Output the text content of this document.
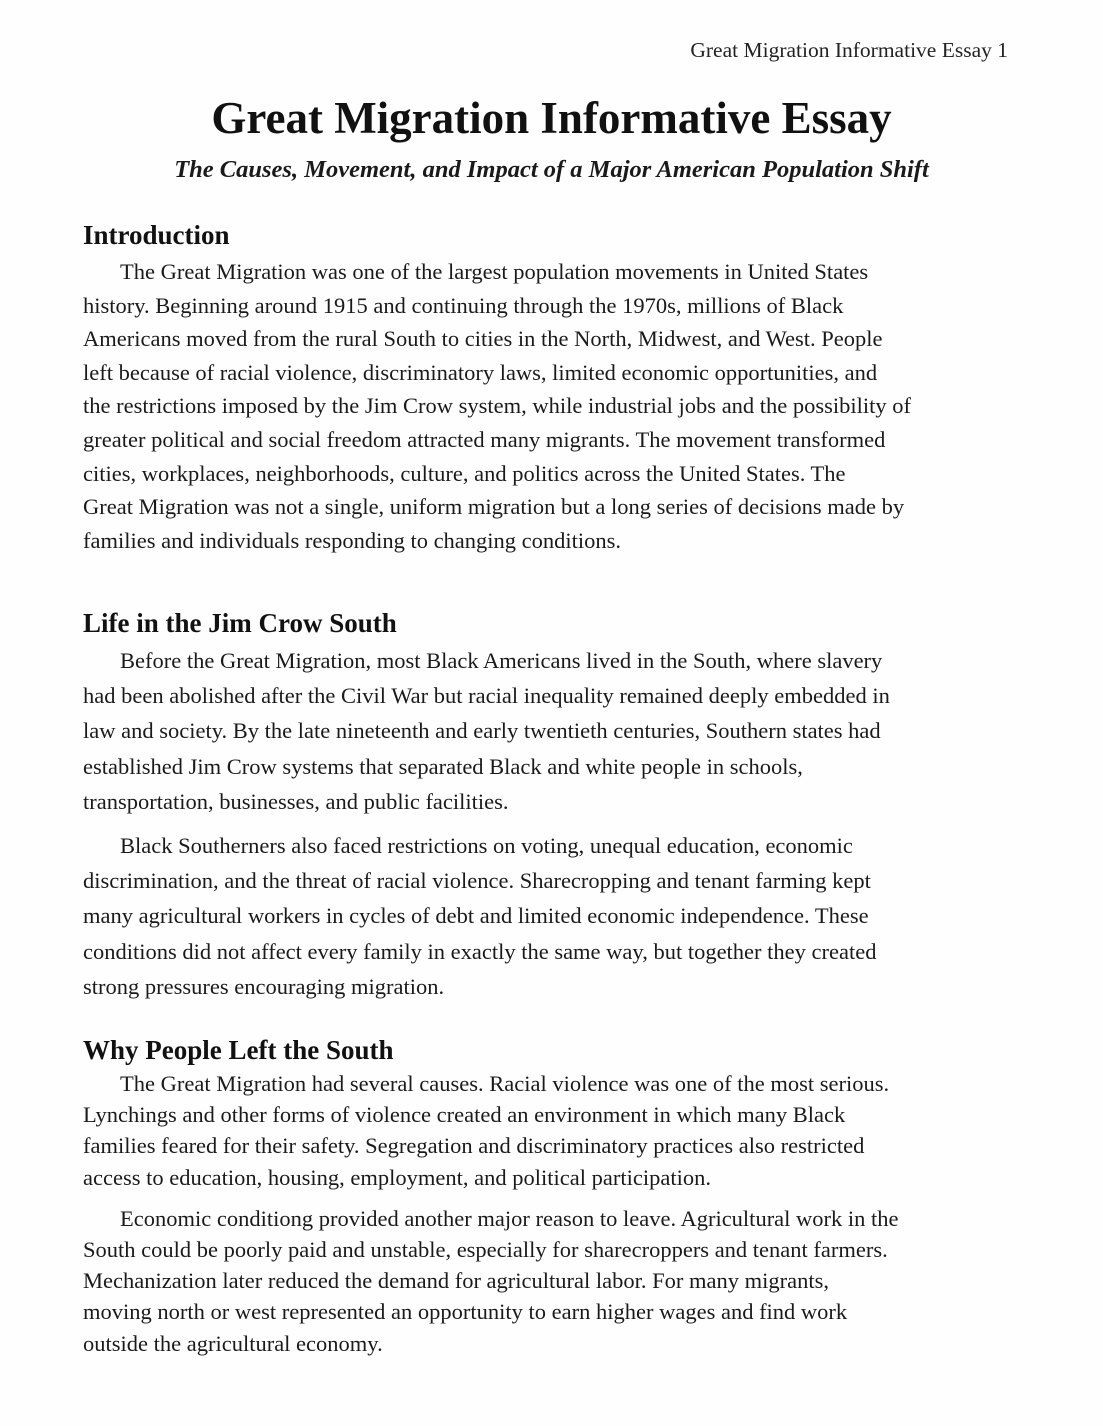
Great Migration Informative Essay 1
Great Migration Informative Essay
The Causes, Movement, and Impact of a Major American Population Shift
Introduction

The Great Migration was one of the largest population movements in United States
history. Beginning around 1915 and continuing through the 1970s, millions of Black
Americans moved from the rural South to cities in the North, Midwest, and West. People
left because of racial violence, discriminatory laws, limited economic opportunities, and
the restrictions imposed by the Jim Crow system, while industrial jobs and the possibility of
greater political and social freedom attracted many migrants. The movement transformed
cities, workplaces, neighborhoods, culture, and politics across the United States. The
Great Migration was not a single, uniform migration but a long series of decisions made by
families and individuals responding to changing conditions.

Life in the Jim Crow South

Before the Great Migration, most Black Americans lived in the South, where slavery
had been abolished after the Civil War but racial inequality remained deeply embedded in
law and society. By the late nineteenth and early twentieth centuries, Southern states had
established Jim Crow systems that separated Black and white people in schools,
transportation, businesses, and public facilities.

Black Southerners also faced restrictions on voting, unequal education, economic
discrimination, and the threat of racial violence. Sharecropping and tenant farming kept
many agricultural workers in cycles of debt and limited economic independence. These
conditions did not affect every family in exactly the same way, but together they created
strong pressures encouraging migration.

Why People Left the South

The Great Migration had several causes. Racial violence was one of the most serious.
Lynchings and other forms of violence created an environment in which many Black
families feared for their safety. Segregation and discriminatory practices also restricted
access to education, housing, employment, and political participation.

Economic conditiong provided another major reason to leave. Agricultural work in the
South could be poorly paid and unstable, especially for sharecroppers and tenant farmers.
Mechanization later reduced the demand for agricultural labor. For many migrants,
moving north or west represented an opportunity to earn higher wages and find work
outside the agricultural economy.
